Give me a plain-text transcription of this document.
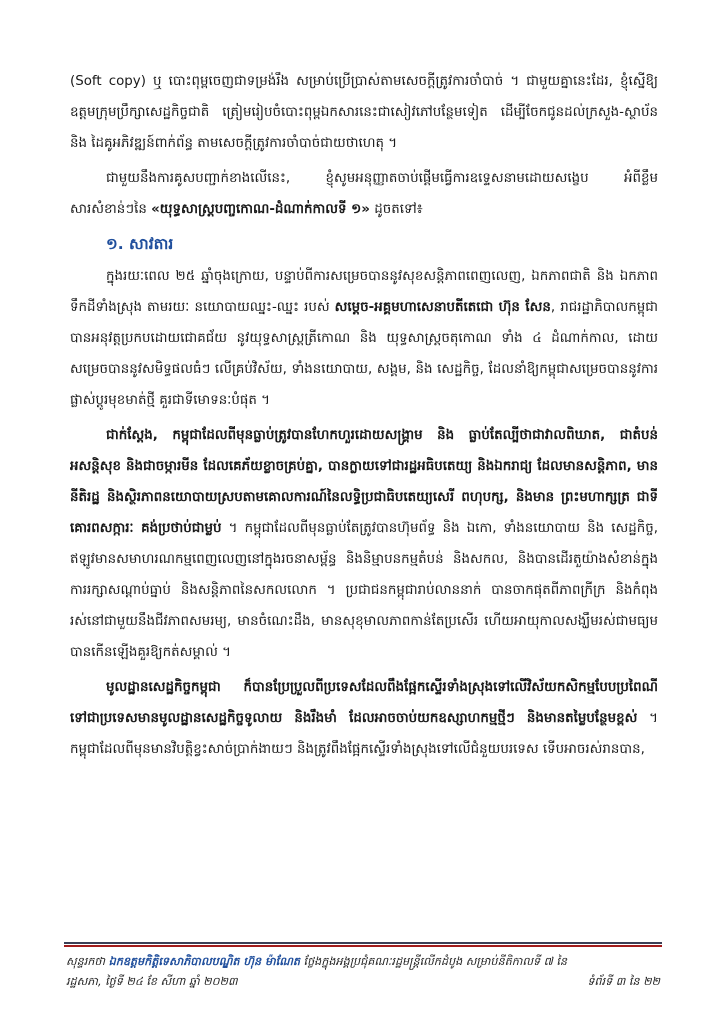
(Soft copy) ឬ បោះពុម្ពចេញជាទម្រង់រឹង សម្រាប់ប្រើប្រាស់តាមសេចក្តីត្រូវការចាំបាច់ ។ ជាមួយគ្នានេះដែរ, ខ្ញុំស្នើឱ្យឧត្តមក្រុមប្រឹក្សាសេដ្ឋកិច្ចជាតិ ត្រៀមរៀបចំបោះពុម្ពឯកសារនេះជាសៀវភៅបន្ថែមទៀត ដើម្បីចែកជូនដល់ក្រសួង-ស្ថាប័ន និង ដៃគូអភិវឌ្ឍន៍ពាក់ព័ន្ធ តាមសេចក្តីត្រូវការចាំបាច់ជាយថាហេតុ ។

ជាមួយនឹងការគូសបញ្ជាក់ខាងលើនេះ, ខ្ញុំសូមអនុញ្ញាតចាប់ផ្តើមធ្វើការឧទ្ទេសនាមដោយសង្ខេប អំពីខ្លឹមសារសំខាន់ៗនៃ «យុទ្ធសាស្ត្របញ្ចកោណ-ដំណាក់កាលទី ១» ដូចតទៅ៖

១. សាវតារ

ក្នុងរយៈពេល ២៥ ឆ្នាំចុងក្រោយ, បន្ទាប់ពីការសម្រេចបាននូវសុខសន្តិភាពពេញលេញ, ឯកភាពជាតិ និង ឯកភាពទឹកដីទាំងស្រុង តាមរយៈ នយោបាយឈ្នះ-ឈ្នះ របស់ សម្តេច-អគ្គមហាសេនាបតីតេជោ ហ៊ុន សែន, រាជរដ្ឋាភិបាលកម្ពុជាបានអនុវត្តប្រកបដោយជោគជ័យ នូវយុទ្ធសាស្ត្រត្រីកោណ និង យុទ្ធសាស្ត្រចតុកោណ ទាំង ៤ ដំណាក់កាល, ដោយសម្រេចបាននូវសមិទ្ធផលធំៗ លើគ្រប់វិស័យ, ទាំងនយោបាយ, សង្គម, និង សេដ្ឋកិច្ច, ដែលនាំឱ្យកម្ពុជាសម្រេចបាននូវការផ្លាស់ប្តូរមុខមាត់ថ្មី គួរជាទីមោទនៈបំផុត ។

ជាក់ស្តែង, កម្ពុជាដែលពីមុនធ្លាប់ត្រូវបានហែកហួរដោយសង្គ្រាម និង ធ្លាប់តែល្បីថាជាវាលពិឃាត, ជាតំបន់អសន្តិសុខ និងជាចម្ការមីន ដែលគេភ័យខ្លាចគ្រប់គ្នា, បានក្លាយទៅជារដ្ឋអធិបតេយ្យ និងឯករាជ្យ ដែលមានសន្តិភាព, មាននីតិរដ្ឋ និងស្ថិរភាពនយោបាយស្របតាមគោលការណ៍នៃលទ្ធិប្រជាធិបតេយ្យសេរី ពហុបក្ស, និងមាន ព្រះមហាក្សត្រ ជាទីគោរពសក្ការៈ គង់ប្រថាប់ជាម្លប់ ។ កម្ពុជាដែលពីមុនធ្លាប់តែត្រូវបានហ៊ុមព័ទ្ធ និង ឯកោ, ទាំងនយោបាយ និង សេដ្ឋកិច្ច, ឥឡូវមានសមាហរណកម្មពេញលេញនៅក្នុងរចនាសម្ព័ន្ធ និងនិម្មាបនកម្មតំបន់ និងសកល, និងបានដើរតួយ៉ាងសំខាន់ក្នុងការរក្សាសណ្តាប់ធ្នាប់ និងសន្តិភាពនៃសកលលោក ។ ប្រជាជនកម្ពុជារាប់លាននាក់ បានចាកផុតពីភាពក្រីក្រ និងកំពុងរស់នៅជាមួយនឹងជីវភាពសមរម្យ, មានចំណេះដឹង, មានសុខុមាលភាពកាន់តែប្រសើរ ហើយអាយុកាលសង្ឃឹមរស់ជាមធ្យម បានកើនឡើងគួរឱ្យកត់សម្គាល់ ។

មូលដ្ឋានសេដ្ឋកិច្ចកម្ពុជា ក៏បានប្រែប្រួលពីប្រទេសដែលពឹងផ្អែកស្ទើរទាំងស្រុងទៅលើវិស័យកសិកម្មបែបប្រពៃណី ទៅជាប្រទេសមានមូលដ្ឋានសេដ្ឋកិច្ចទូលាយ និងរឹងមាំ ដែលអាចចាប់យកឧស្សាហកម្មថ្មីៗ និងមានតម្លៃបន្ថែមខ្ពស់ ។ កម្ពុជាដែលពីមុនមានវិបត្តិខ្វះសាច់ប្រាក់ងាយៗ និងត្រូវពឹងផ្អែកស្ទើរទាំងស្រុងទៅលើជំនួយបរទេស ទើបអាចរស់រានបាន,

សុន្ទរកថា ឯកឧត្តមកិត្តិទេសាភិបាលបណ្ឌិត ហ៊ុន ម៉ាណែត ថ្លែងក្នុងអង្គប្រជុំគណៈរដ្ឋមន្ត្រីលើកដំបូង សម្រាប់នីតិកាលទី ៧ នៃ
រដ្ឋសភា, ថ្ងៃទី ២៤ ខែ សីហា ឆ្នាំ ២០២៣	ទំព័រទី ៣ នៃ ២២
